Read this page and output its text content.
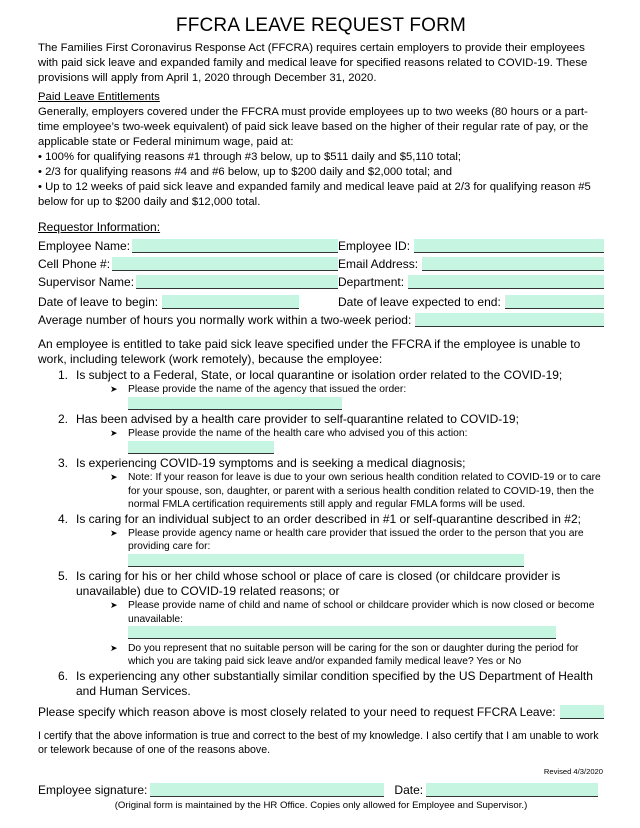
FFCRA LEAVE REQUEST FORM

The Families First Coronavirus Response Act (FFCRA) requires certain employers to provide their employees with paid sick leave and expanded family and medical leave for specified reasons related to COVID-19. These provisions will apply from April 1, 2020 through December 31, 2020.

Paid Leave Entitlements

Generally, employers covered under the FFCRA must provide employees up to two weeks (80 hours or a part-time employee’s two-week equivalent) of paid sick leave based on the higher of their regular rate of pay, or the applicable state or Federal minimum wage, paid at:

• 100% for qualifying reasons #1 through #3 below, up to $511 daily and $5,110 total;

• 2/3 for qualifying reasons #4 and #6 below, up to $200 daily and $2,000 total; and

• Up to 12 weeks of paid sick leave and expanded family and medical leave paid at 2/3 for qualifying reason #5 below for up to $200 daily and $12,000 total.

Requestor Information:

Employee Name:	Employee ID:
Cell Phone #:	Email Address:
Supervisor Name:	Department:
Date of leave to begin:	Date of leave expected to end:
Average number of hours you normally work within a two-week period:

An employee is entitled to take paid sick leave specified under the FFCRA if the employee is unable to work, including telework (work remotely), because the employee:

1. Is subject to a Federal, State, or local quarantine or isolation order related to the COVID-19;
➤ Please provide the name of the agency that issued the order:
2. Has been advised by a health care provider to self-quarantine related to COVID-19;
➤ Please provide the name of the health care who advised you of this action:
3. Is experiencing COVID-19 symptoms and is seeking a medical diagnosis;
➤ Note: If your reason for leave is due to your own serious health condition related to COVID-19 or to care for your spouse, son, daughter, or parent with a serious health condition related to COVID-19, then the normal FMLA certification requirements still apply and regular FMLA forms will be used.
4. Is caring for an individual subject to an order described in #1 or self-quarantine described in #2;
➤ Please provide agency name or health care provider that issued the order to the person that you are providing care for:
5. Is caring for his or her child whose school or place of care is closed (or childcare provider is unavailable) due to COVID-19 related reasons; or
➤ Please provide name of child and name of school or childcare provider which is now closed or become unavailable:
➤ Do you represent that no suitable person will be caring for the son or daughter during the period for which you are taking paid sick leave and/or expanded family medical leave? Yes or No
6. Is experiencing any other substantially similar condition specified by the US Department of Health and Human Services.
Please specify which reason above is most closely related to your need to request FFCRA Leave:

I certify that the above information is true and correct to the best of my knowledge. I also certify that I am unable to work or telework because of one of the reasons above.

Employee signature:	Date:

(Original form is maintained by the HR Office. Copies only allowed for Employee and Supervisor.)

Revised 4/3/2020
